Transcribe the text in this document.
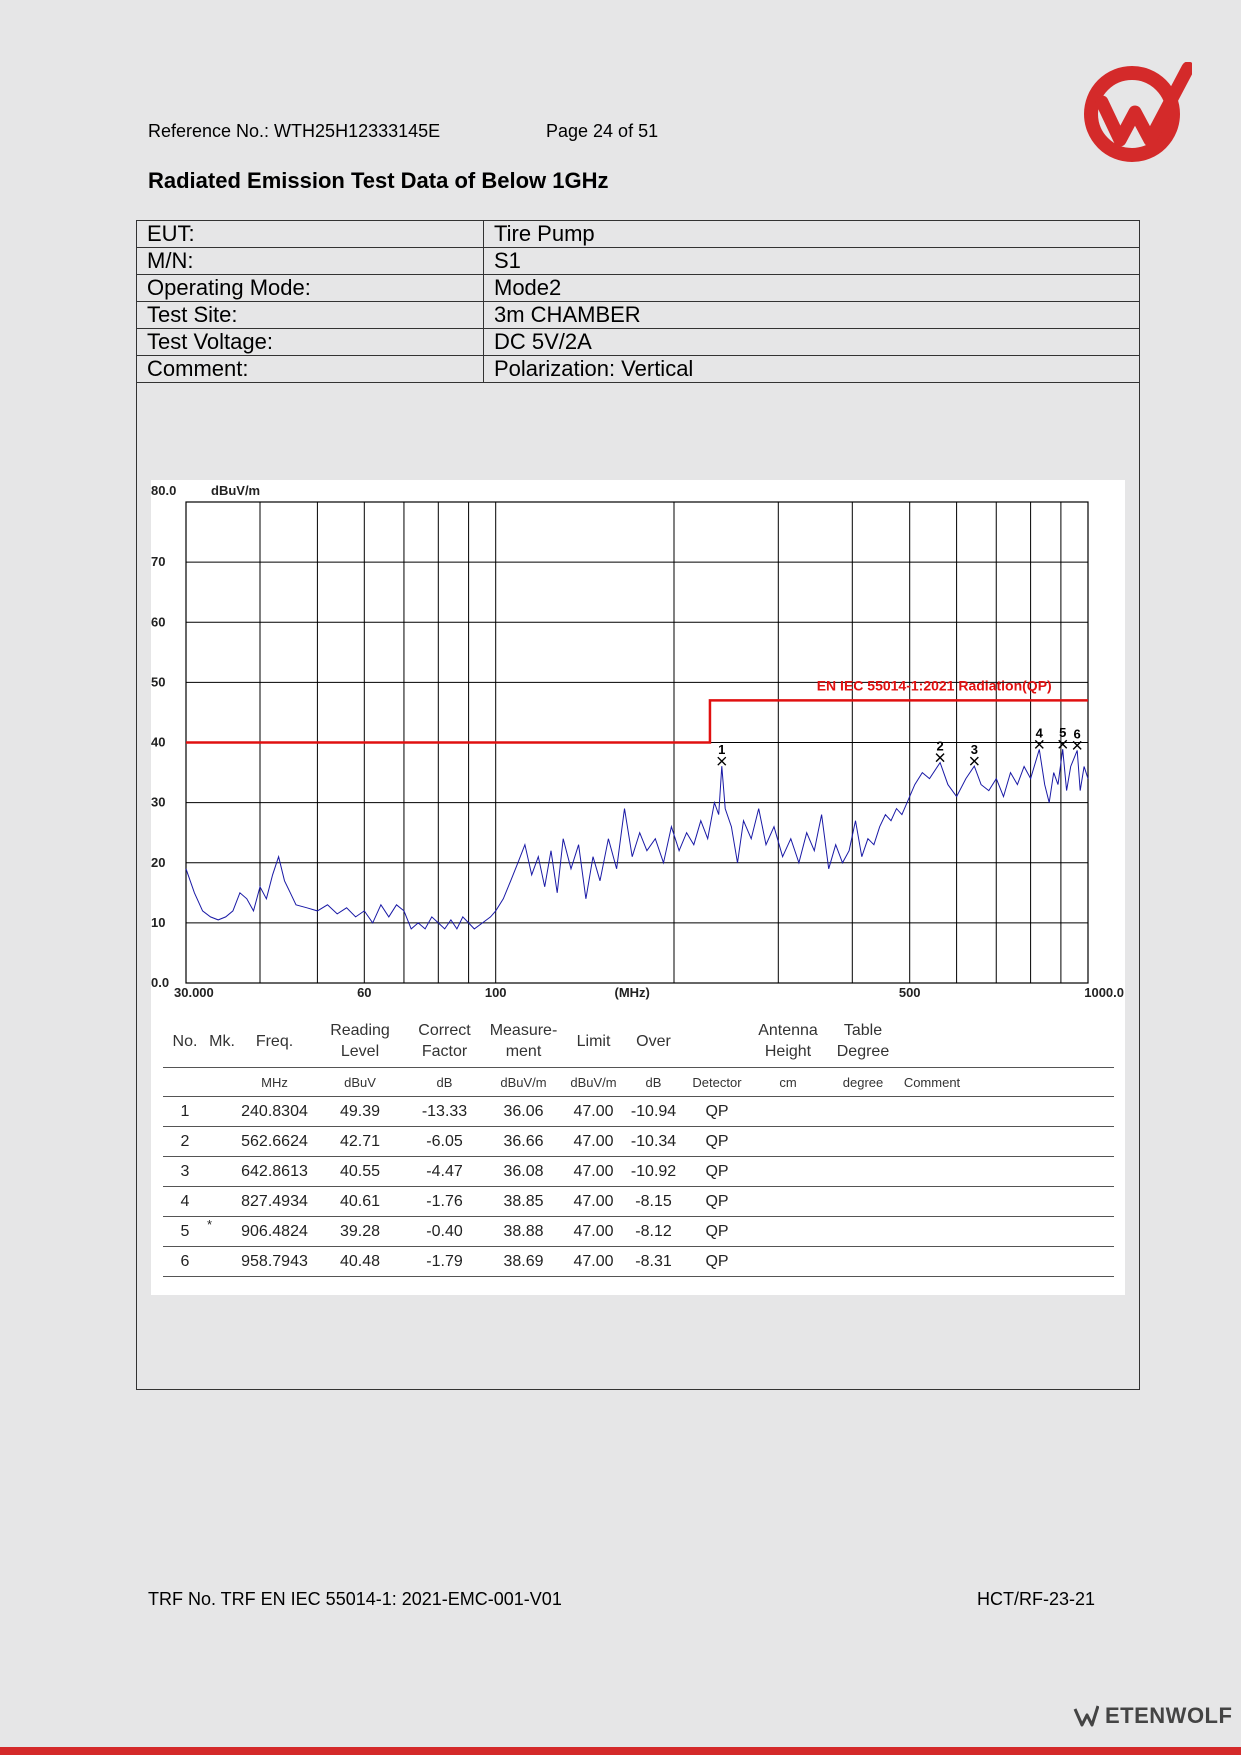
Reference No.: WTH25H12333145E	Page 24 of 51
Radiated Emission Test Data of Below 1GHz
EUT:	Tire Pump
M/N:	S1
Operating Mode:	Mode2
Test Site:	3m CHAMBER
Test Voltage:	DC 5V/2A
Comment:	Polarization: Vertical
0.0
10
20
30
40
50
60
70
80.0	dBuV/m
30.000	60	100	500	1000.0
(MHz)
EN IEC 55014-1:2021 Radiation(QP)
1	2 3
4 5 6
No.	Mk.	Freq.	Reading Level	Correct Factor	Measure- ment	Limit	Over		Antenna Height	Table Degree		
		MHz	dBuV	dB	dBuV/m	dBuV/m	dB	Detector	cm	degree	Comment	
1		240.8304	49.39	-13.33	36.06	47.00	-10.94	QP				
2		562.6624	42.71	-6.05	36.66	47.00	-10.34	QP				
3		642.8613	40.55	-4.47	36.08	47.00	-10.92	QP				
4		827.4934	40.61	-1.76	38.85	47.00	-8.15	QP				
5	*	906.4824	39.28	-0.40	38.88	47.00	-8.12	QP				
6		958.7943	40.48	-1.79	38.69	47.00	-8.31	QP				
TRF No. TRF EN IEC 55014-1: 2021-EMC-001-V01	HCT/RF-23-21
ETENWOLF
